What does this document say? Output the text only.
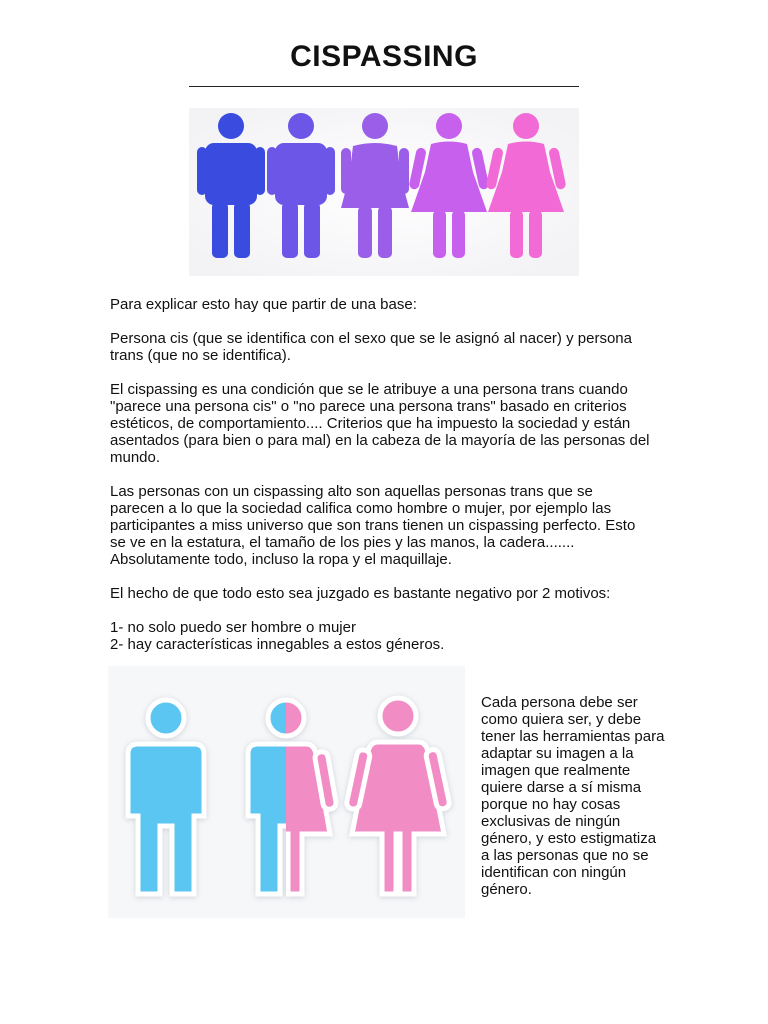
CISPASSING

Para explicar esto hay que partir de una base:

Persona cis (que se identifica con el sexo que se le asignó al nacer) y persona trans (que no se identifica).

El cispassing es una condición que se le atribuye a una persona trans cuando "parece una persona cis" o "no parece una persona trans" basado en criterios estéticos, de comportamiento.... Criterios que ha impuesto la sociedad y están asentados (para bien o para mal) en la cabeza de la mayoría de las personas del mundo.

Las personas con un cispassing alto son aquellas personas trans que se parecen a lo que la sociedad califica como hombre o mujer, por ejemplo las participantes a miss universo que son trans tienen un cispassing perfecto. Esto se ve en la estatura, el tamaño de los pies y las manos, la cadera....... Absolutamente todo, incluso la ropa y el maquillaje.

El hecho de que todo esto sea juzgado es bastante negativo por 2 motivos:

1- no solo puedo ser hombre o mujer
2- hay características innegables a estos géneros.

Cada persona debe ser como quiera ser, y debe tener las herramientas para adaptar su imagen a la imagen que realmente quiere darse a sí misma porque no hay cosas exclusivas de ningún género, y esto estigmatiza a las personas que no se identifican con ningún género.
